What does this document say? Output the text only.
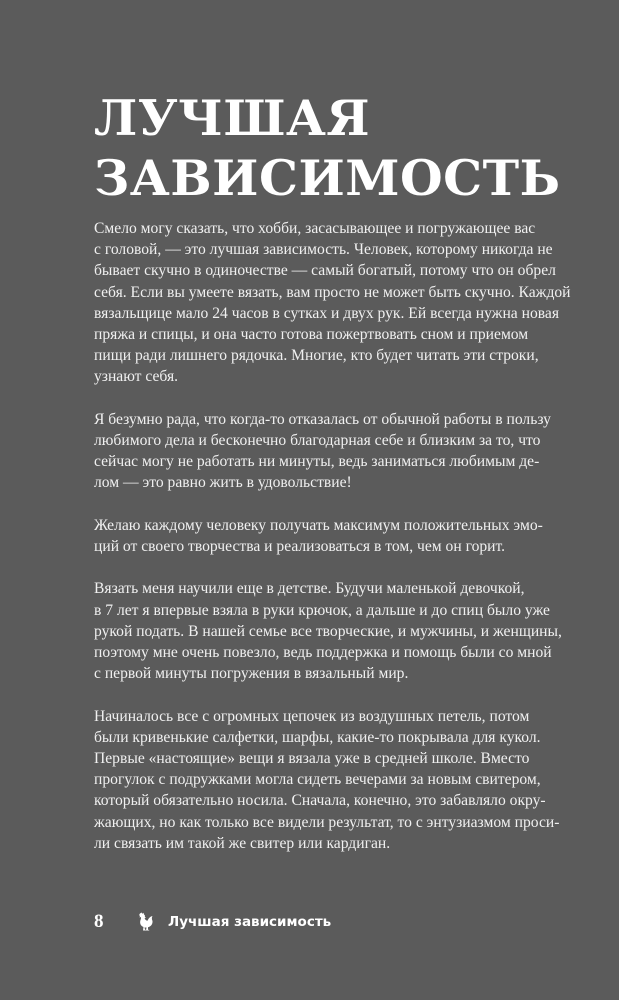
ЛУЧШАЯ
ЗАВИСИМОСТЬ

Смело могу сказать, что хобби, засасывающее и погружающее вас
с головой, — это лучшая зависимость. Человек, которому никогда не
бывает скучно в одиночестве — самый богатый, потому что он обрел
себя. Если вы умеете вязать, вам просто не может быть скучно. Каждой
вязальщице мало 24 часов в сутках и двух рук. Ей всегда нужна новая
пряжа и спицы, и она часто готова пожертвовать сном и приемом
пищи ради лишнего рядочка. Многие, кто будет читать эти строки,
узнают себя.

Я безумно рада, что когда-то отказалась от обычной работы в пользу
любимого дела и бесконечно благодарная себе и близким за то, что
сейчас могу не работать ни минуты, ведь заниматься любимым де-
лом — это равно жить в удовольствие!

Желаю каждому человеку получать максимум положительных эмо-
ций от своего творчества и реализоваться в том, чем он горит.

Вязать меня научили еще в детстве. Будучи маленькой девочкой,
в 7 лет я впервые взяла в руки крючок, а дальше и до спиц было уже
рукой подать. В нашей семье все творческие, и мужчины, и женщины,
поэтому мне очень повезло, ведь поддержка и помощь были со мной
с первой минуты погружения в вязальный мир.

Начиналось все с огромных цепочек из воздушных петель, потом
были кривенькие салфетки, шарфы, какие-то покрывала для кукол.
Первые «настоящие» вещи я вязала уже в средней школе. Вместо
прогулок с подружками могла сидеть вечерами за новым свитером,
который обязательно носила. Сначала, конечно, это забавляло окру-
жающих, но как только все видели результат, то с энтузиазмом проси-
ли связать им такой же свитер или кардиган.

8	Лучшая зависимость
